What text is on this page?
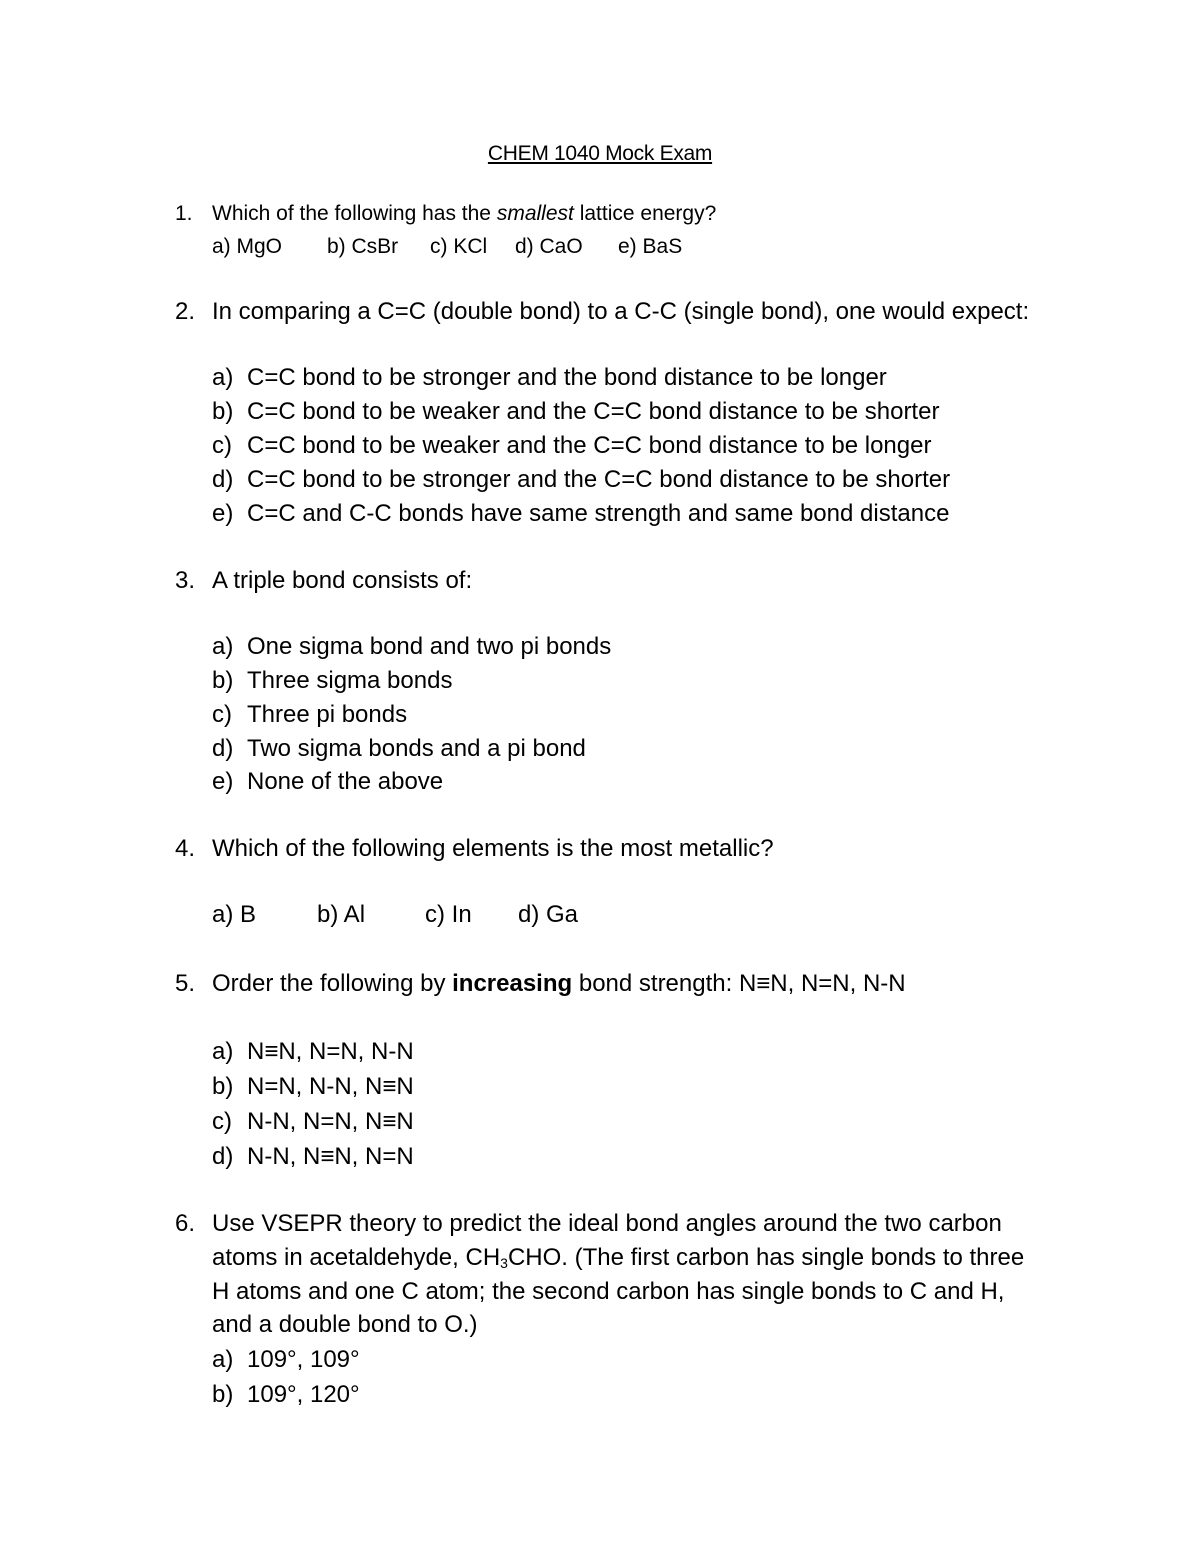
CHEM 1040 Mock Exam
1. Which of the following has the smallest lattice energy?
a) MgO b) CsBr c) KCl d) CaO e) BaS
2. In comparing a C=C (double bond) to a C-C (single bond), one would expect:
a) C=C bond to be stronger and the bond distance to be longer
b) C=C bond to be weaker and the C=C bond distance to be shorter
c) C=C bond to be weaker and the C=C bond distance to be longer
d) C=C bond to be stronger and the C=C bond distance to be shorter
e) C=C and C-C bonds have same strength and same bond distance
3. A triple bond consists of:
a) One sigma bond and two pi bonds
b) Three sigma bonds
c) Three pi bonds
d) Two sigma bonds and a pi bond
e) None of the above
4. Which of the following elements is the most metallic?
a) B	b) Al c) In d) Ga
5. Order the following by increasing bond strength: N≡N, N=N, N-N
a) N≡N, N=N, N-N
b) N=N, N-N, N≡N
c) N-N, N=N, N≡N
d) N-N, N≡N, N=N
6. Use VSEPR theory to predict the ideal bond angles around the two carbon
atoms in acetaldehyde, $CH_3CHO$. (The first carbon has single bonds to three
H atoms and one C atom; the second carbon has single bonds to C and H,
and a double bond to O.)
a) 109°, 109°
b) 109°, 120°
